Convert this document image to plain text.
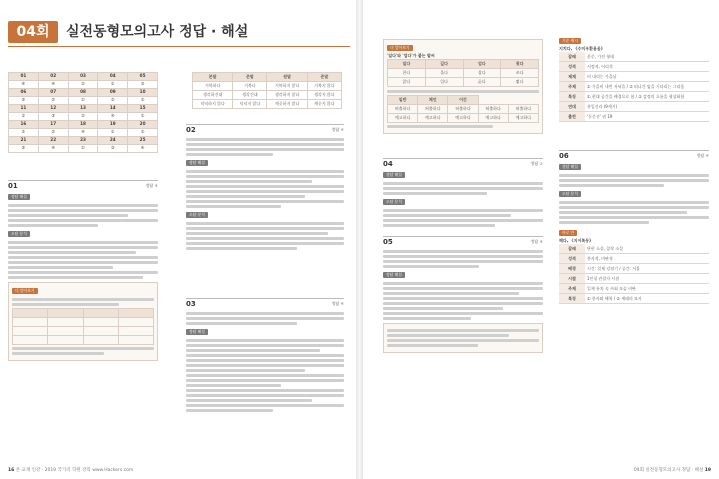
04회	실전동형모의고사 정답 · 해설
01	02	03	04	05
④	④	②	①	③
06	07	08	09	10
③	②	①	②	②
11	12	13	14	15
①	③	②	④	①
16	17	18	19	20
②	②	④	①	②
21	22	23	24	25
③	④	①	③	④
본말	준말	원말	준말
거북하다	거북다	거북하지 않다	거북지 않다
생각하건대	생각건대	생각하지 않다	생각지 않다
넉넉하지 않다	넉넉지 않다	깨끗하지 않다	깨끗지 않다
01	정답 ④
정답 해설
오답 분석
더 알아보기

02	정답 ④
정답 해설
오답 분석
03	정답 ④
정답 해설
16 본 교재 인강 · 2019 국가직 학원 강의 www.Hackers.com
더 알아보기
'일다'와 '업다'가 붙는 말씨
일다	깊다	업다	젖다
한다	울다	잡다	쓰다
앓다	입다	끓다	찢다
일반	체언	어간		
허출하다	허출하다	허출하다	허출하다	허출하다
예고하다	예고하다	예고하다	예고하다	예고하다
04	정답 ①
정답 해설
오답 분석
05	정답 ④
정답 해설
기준 제시
지치다, 《수미우환용음》
갈래	운문, 가전 형태
성격	서정적, 어리석
제재	비 내리는 가을날
주제	① 가을비 내린 저녁을 / ② 떠나간 임을 기다리는 그리움
특징	① 현대 공간을 배경으로 함 / ② 감정의 흐름을 형상화함
연대	통일신라 (9세기)
출전	'동문선' 권 19
06	정답 ④
정답 해설
오답 분석
바로 안
해다, 《지어록동》
갈래	단편 소설, 창작 소설
성격	풍자적, 비판적
배경	시간: 일제 강점기 / 공간: 서울
시점	1인칭 관찰자 시점
주제	일제 통치 속 사회 모습 비판
특징	① 풍자와 해학 / ② 세태의 묘사
04회 실전동형모의고사 정답 · 해설 19
